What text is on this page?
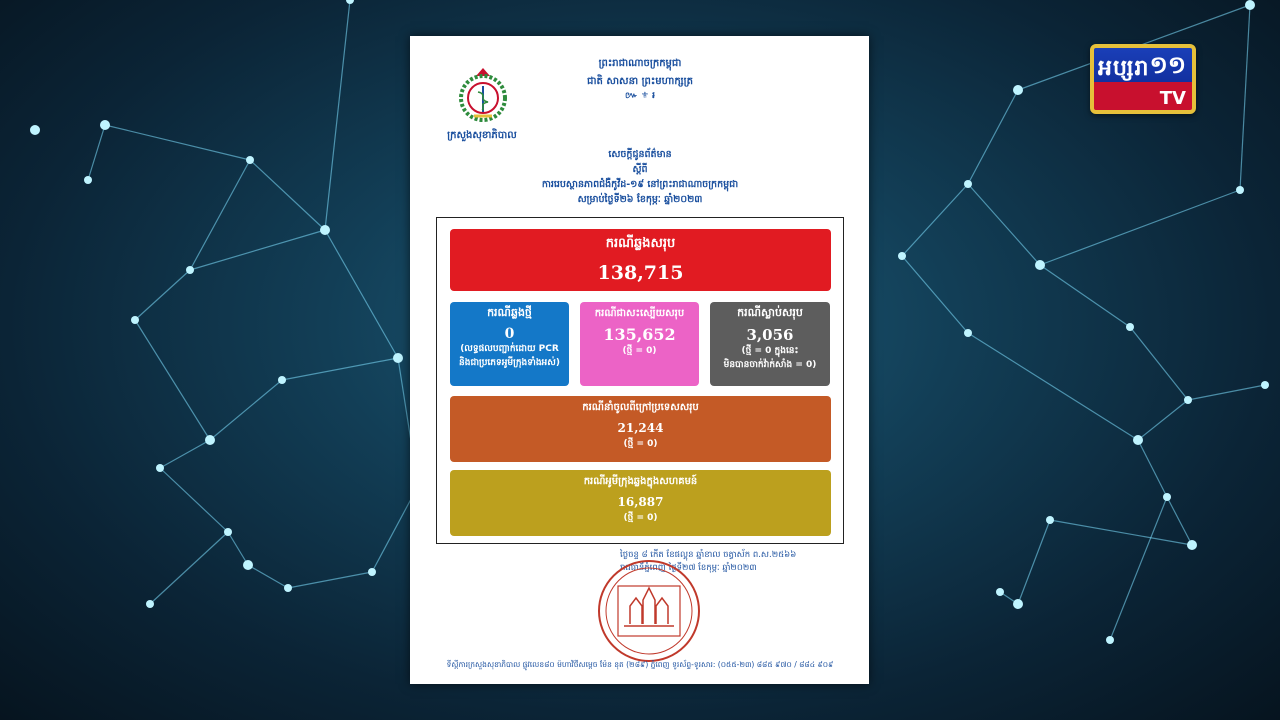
អប្សរា ១១
TV
ក្រសួងសុខាភិបាល
ព្រះរាជាណាចក្រកម្ពុជា
ជាតិ សាសនា ព្រះមហាក្សត្រ
៚ ⚜ ៛
សេចក្តីជូនព័ត៌មាន
ស្តីពី
ការរេបស្ថានភាពជំងឺកូវីដ-១៩ នៅព្រះរាជាណាចក្រកម្ពុជា
សម្រាប់ថ្ងៃទី២៦ ខែកុម្ភៈ ឆ្នាំ២០២៣
ករណីឆ្លងសរុប
138,715
ករណីឆ្លងថ្មី
0
(លទ្ធផលបញ្ជាក់ដោយ PCR
និងជាប្រភេទអូមីក្រុងទាំងអស់)
ករណីជាសះស្បើយសរុប
135,652
(ថ្មី = 0)
ករណីស្លាប់សរុប
3,056
(ថ្មី = 0 ក្នុងនេះ
មិនបានចាក់វ៉ាក់សាំង = 0)
ករណីនាំចូលពីក្រៅប្រទេសសរុប
21,244
(ថ្មី = 0)
ករណីអូមីក្រុងឆ្លងក្នុងសហគមន៍
16,887
(ថ្មី = 0)
ថ្ងៃចន្ទ ៨ កើត ខែផល្គុន ឆ្នាំខាល ចត្វាស័ក ព.ស.២៥៦៦
រាជធានីភ្នំពេញ ថ្ងៃទី២៧ ខែកុម្ភៈ ឆ្នាំ២០២៣
ទីស្តីការក្រសួងសុខាភិបាល ផ្លូវលេខ៨០ ម៉ហាវិថីសម្តេច ម៉ែន នុត (២៨៩) ភ្នំពេញ ទូរស័ព្ទ-ទូរសារ: (០៥៥-២៣) ៨៨៥ ៩៧០ / ៨៨៤ ៩០៩
